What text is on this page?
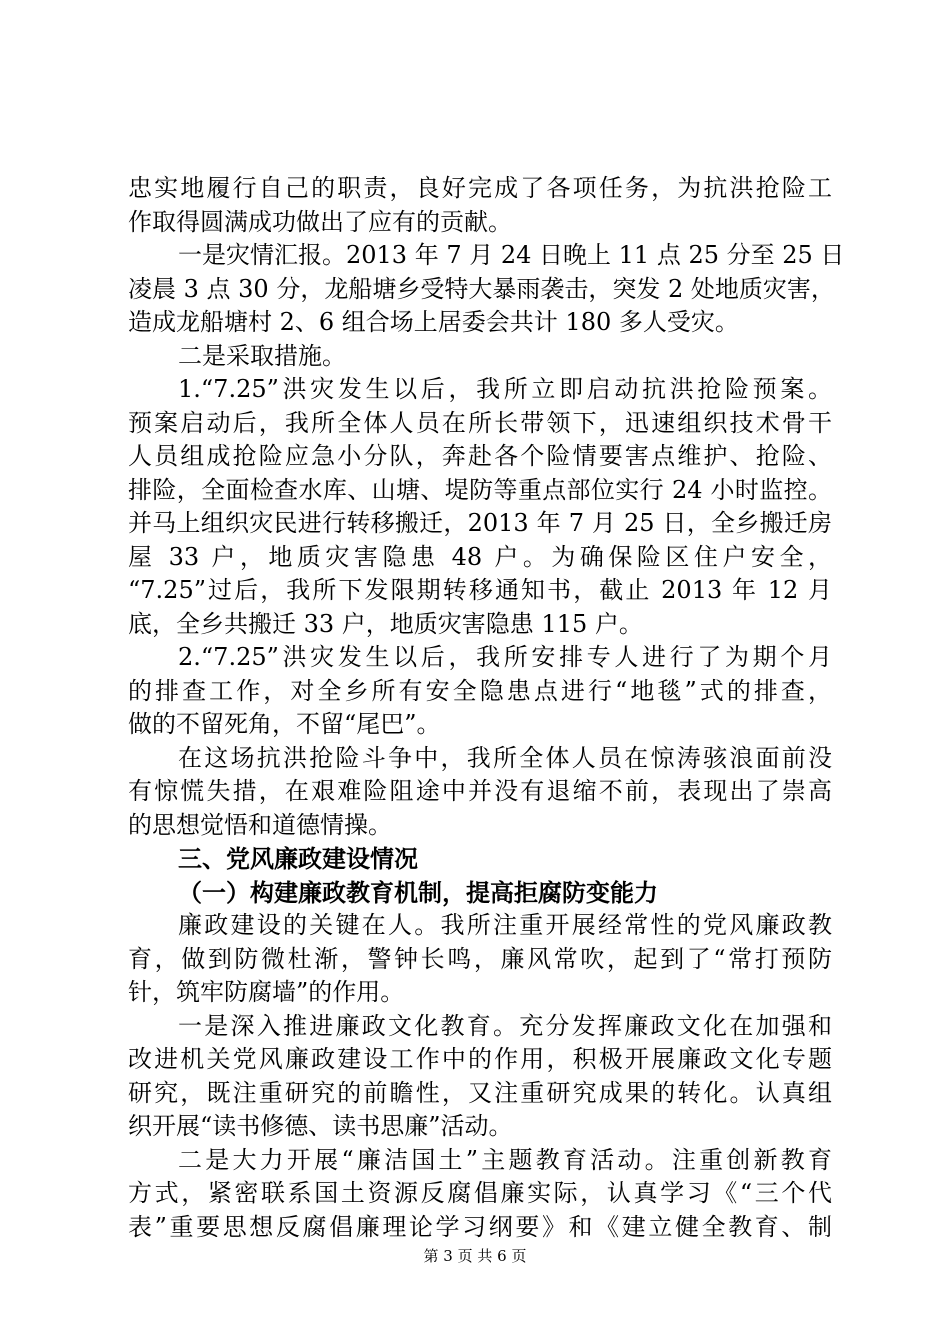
忠实地履行自己的职责，良好完成了各项任务，为抗洪抢险工
作取得圆满成功做出了应有的贡献。
一是灾情汇报。2013 年 7 月 24 日晚上 11 点 25 分至 25 日
凌晨 3 点 30 分，龙船塘乡受特大暴雨袭击，突发 2 处地质灾害，
造成龙船塘村 2、6 组合场上居委会共计 180 多人受灾。
二是采取措施。
1.“7.25”洪灾发生以后，我所立即启动抗洪抢险预案。
预案启动后，我所全体人员在所长带领下，迅速组织技术骨干
人员组成抢险应急小分队，奔赴各个险情要害点维护、抢险、
排险，全面检查水库、山塘、堤防等重点部位实行 24 小时监控。
并马上组织灾民进行转移搬迁，2013 年 7 月 25 日，全乡搬迁房
屋 33 户，地质灾害隐患 48 户。为确保险区住户安全，
“7.25”过后，我所下发限期转移通知书，截止 2013 年 12 月
底，全乡共搬迁 33 户，地质灾害隐患 115 户。
2.“7.25”洪灾发生以后，我所安排专人进行了为期个月
的排查工作，对全乡所有安全隐患点进行“地毯”式的排查，
做的不留死角，不留“尾巴”。
在这场抗洪抢险斗争中，我所全体人员在惊涛骇浪面前没
有惊慌失措，在艰难险阻途中并没有退缩不前，表现出了崇高
的思想觉悟和道德情操。
三、党风廉政建设情况
（一）构建廉政教育机制，提高拒腐防变能力
廉政建设的关键在人。我所注重开展经常性的党风廉政教
育，做到防微杜渐，警钟长鸣，廉风常吹，起到了“常打预防
针，筑牢防腐墙”的作用。
一是深入推进廉政文化教育。充分发挥廉政文化在加强和
改进机关党风廉政建设工作中的作用，积极开展廉政文化专题
研究，既注重研究的前瞻性，又注重研究成果的转化。认真组
织开展“读书修德、读书思廉”活动。
二是大力开展“廉洁国土”主题教育活动。注重创新教育
方式，紧密联系国土资源反腐倡廉实际，认真学习《“三个代
表”重要思想反腐倡廉理论学习纲要》和《建立健全教育、制
第 3 页 共 6 页
